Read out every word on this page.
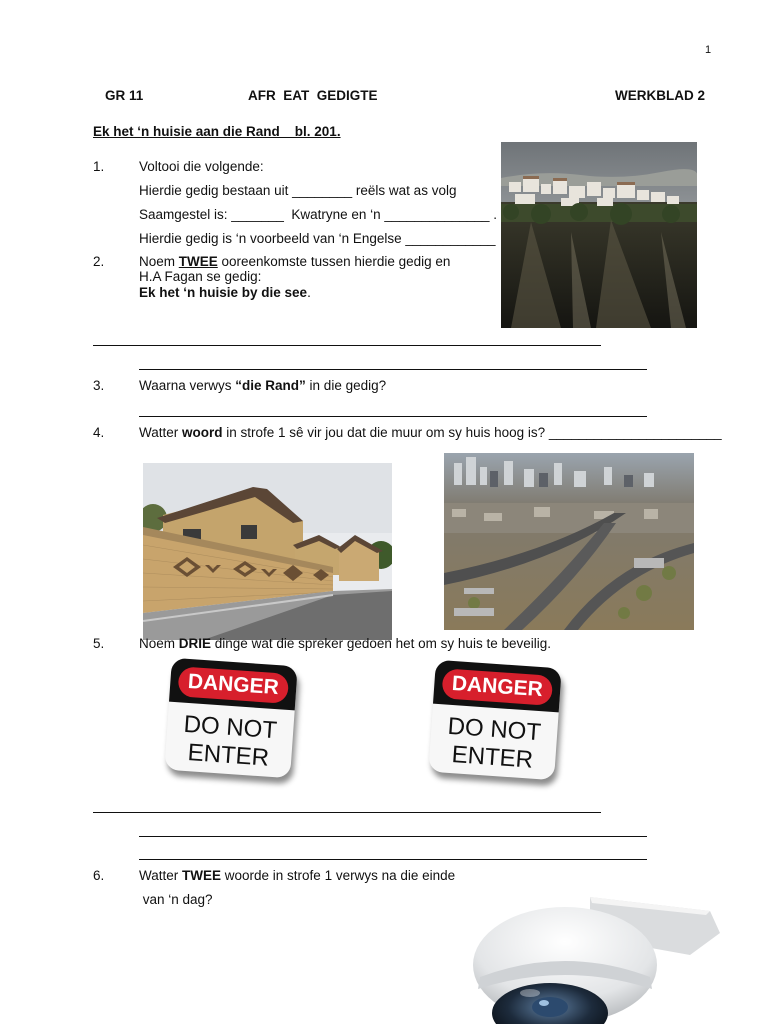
1
GR 11	AFR  EAT  GEDIGTE	WERKBLAD 2
Ek het ‘n huisie aan die Rand    bl. 201.
1.	Voltooi die volgende:
Hierdie gedig bestaan uit ________ reëls wat as volg
Saamgestel is: _______  Kwatryne en ‘n ______________ .
Hierdie gedig is ‘n voorbeeld van ‘n Engelse ____________
2.	Noem TWEE ooreenkomste tussen hierdie gedig en
H.A Fagan se gedig:
Ek het ‘n huisie by die see.
3.	Waarna verwys “die Rand” in die gedig?
4.	Watter woord in strofe 1 sê vir jou dat die muur om sy huis hoog is? _______________________
5.	Noem DRIE dinge wat die spreker gedoen het om sy huis te beveilig.
DANGER
DO NOT
ENTER
DANGER
DO NOT
ENTER
6.	Watter TWEE woorde in strofe 1 verwys na die einde
van ‘n dag?
